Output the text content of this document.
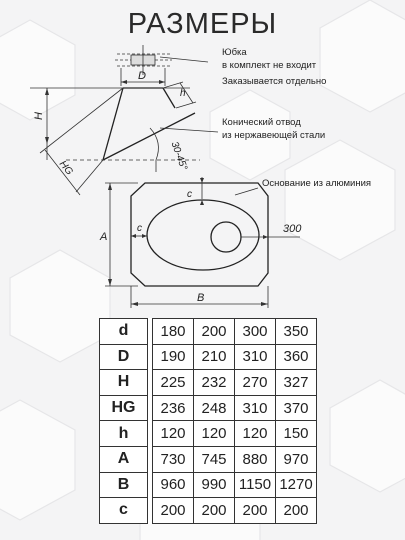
РАЗМЕРЫ
Юбка
в комплект не входит
Заказывается отдельно
D
H
h
HG	30-45°
Конический отвод
из нержавеющей стали
c
c	300
Основание из алюминия
A
B
d		180	200	300	350
D		190	210	310	360
H		225	232	270	327
HG		236	248	310	370
h		120	120	120	150
A		730	745	880	970
B		960	990	1150	1270
c		200	200	200	200
